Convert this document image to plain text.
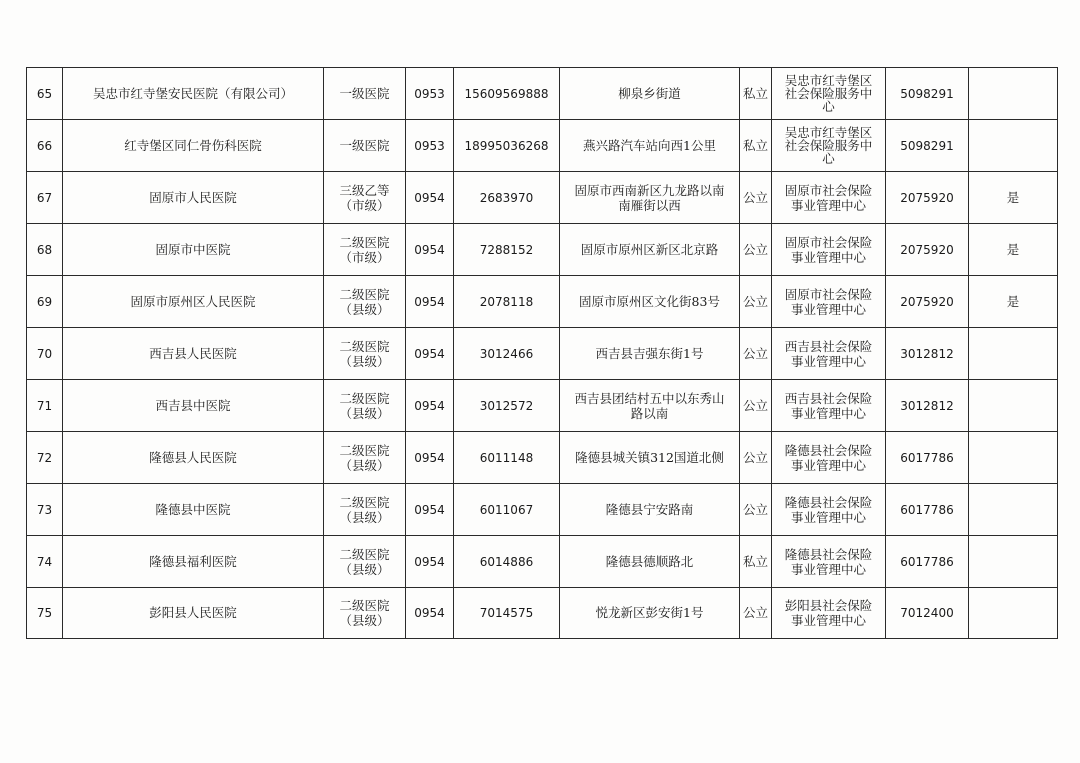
65	吴忠市红寺堡安民医院（有限公司）	一级医院	0953	15609569888	柳泉乡街道	私立	吴忠市红寺堡区
社会保险服务中
心	5098291	
66	红寺堡区同仁骨伤科医院	一级医院	0953	18995036268	燕兴路汽车站向西1公里	私立	吴忠市红寺堡区
社会保险服务中
心	5098291	
67	固原市人民医院	三级乙等
（市级）	0954	2683970	固原市西南新区九龙路以南
南雁街以西	公立	固原市社会保险
事业管理中心	2075920	是
68	固原市中医院	二级医院
（市级）	0954	7288152	固原市原州区新区北京路	公立	固原市社会保险
事业管理中心	2075920	是
69	固原市原州区人民医院	二级医院
（县级）	0954	2078118	固原市原州区文化街83号	公立	固原市社会保险
事业管理中心	2075920	是
70	西吉县人民医院	二级医院
（县级）	0954	3012466	西吉县吉强东街1号	公立	西吉县社会保险
事业管理中心	3012812	
71	西吉县中医院	二级医院
（县级）	0954	3012572	西吉县团结村五中以东秀山
路以南	公立	西吉县社会保险
事业管理中心	3012812	
72	隆德县人民医院	二级医院
（县级）	0954	6011148	隆德县城关镇312国道北侧	公立	隆德县社会保险
事业管理中心	6017786	
73	隆德县中医院	二级医院
（县级）	0954	6011067	隆德县宁安路南	公立	隆德县社会保险
事业管理中心	6017786	
74	隆德县福利医院	二级医院
（县级）	0954	6014886	隆德县德顺路北	私立	隆德县社会保险
事业管理中心	6017786	
75	彭阳县人民医院	二级医院
（县级）	0954	7014575	悦龙新区彭安街1号	公立	彭阳县社会保险
事业管理中心	7012400	
